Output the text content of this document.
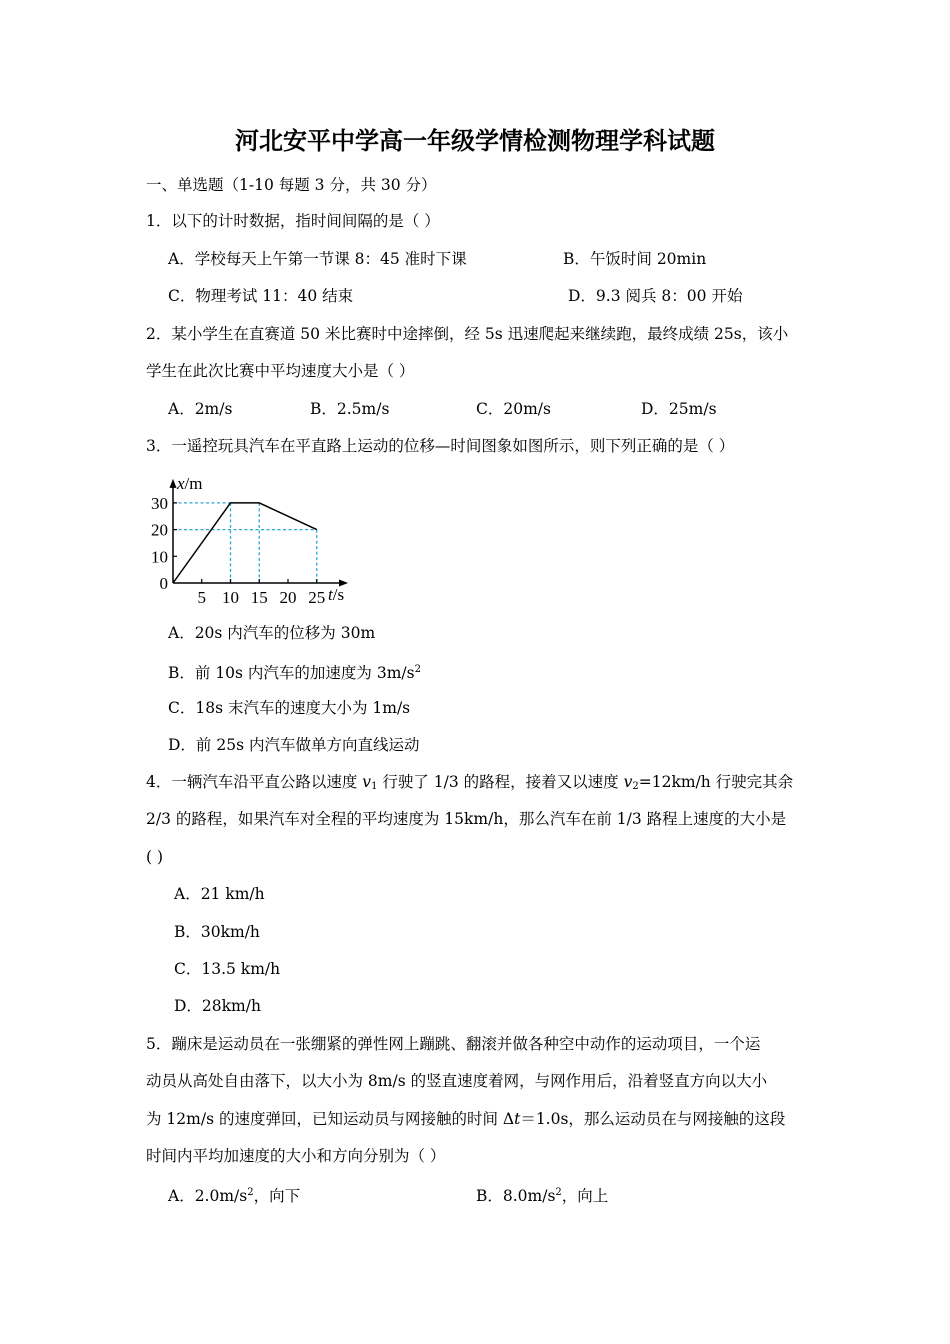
河北安平中学高一年级学情检测物理学科试题
一、单选题（1-10 每题 3 分，共 30 分）
1．以下的计时数据，指时间间隔的是（ ）
A．学校每天上午第一节课 8：45 准时下课	B．午饭时间 20min
C．物理考试 11：40 结束	D．9.3 阅兵 8：00 开始
2．某小学生在直赛道 50 米比赛时中途摔倒，经 5s 迅速爬起来继续跑，最终成绩 25s，该小
学生在此次比赛中平均速度大小是（ ）
A．2m/s	B．2.5m/s	C．20m/s	D．25m/s
3．一遥控玩具汽车在平直路上运动的位移—时间图象如图所示，则下列正确的是（ ）
5 10 15 20 25
0
10
20
30
x/m
t/s
A．20s 内汽车的位移为 30m
B．前 10s 内汽车的加速度为 $3m/s^2$
C．18s 末汽车的速度大小为 1m/s
D．前 25s 内汽车做单方向直线运动
4．一辆汽车沿平直公路以速度 $v_1$ 行驶了 1/3 的路程，接着又以速度 $v_2=12km/h$ 行驶完其余
2/3 的路程，如果汽车对全程的平均速度为 15km/h，那么汽车在前 1/3 路程上速度的大小是
( )
A．21 km/h
B．30km/h
C．13.5 km/h
D．28km/h
5．蹦床是运动员在一张绷紧的弹性网上蹦跳、翻滚并做各种空中动作的运动项目，一个运
动员从高处自由落下，以大小为 8m/s 的竖直速度着网，与网作用后，沿着竖直方向以大小
为 12m/s 的速度弹回，已知运动员与网接触的时间 Δt＝1.0s，那么运动员在与网接触的这段
时间内平均加速度的大小和方向分别为（ ）
A．$2.0m/s^2$，向下	B．$8.0m/s^2$，向上
